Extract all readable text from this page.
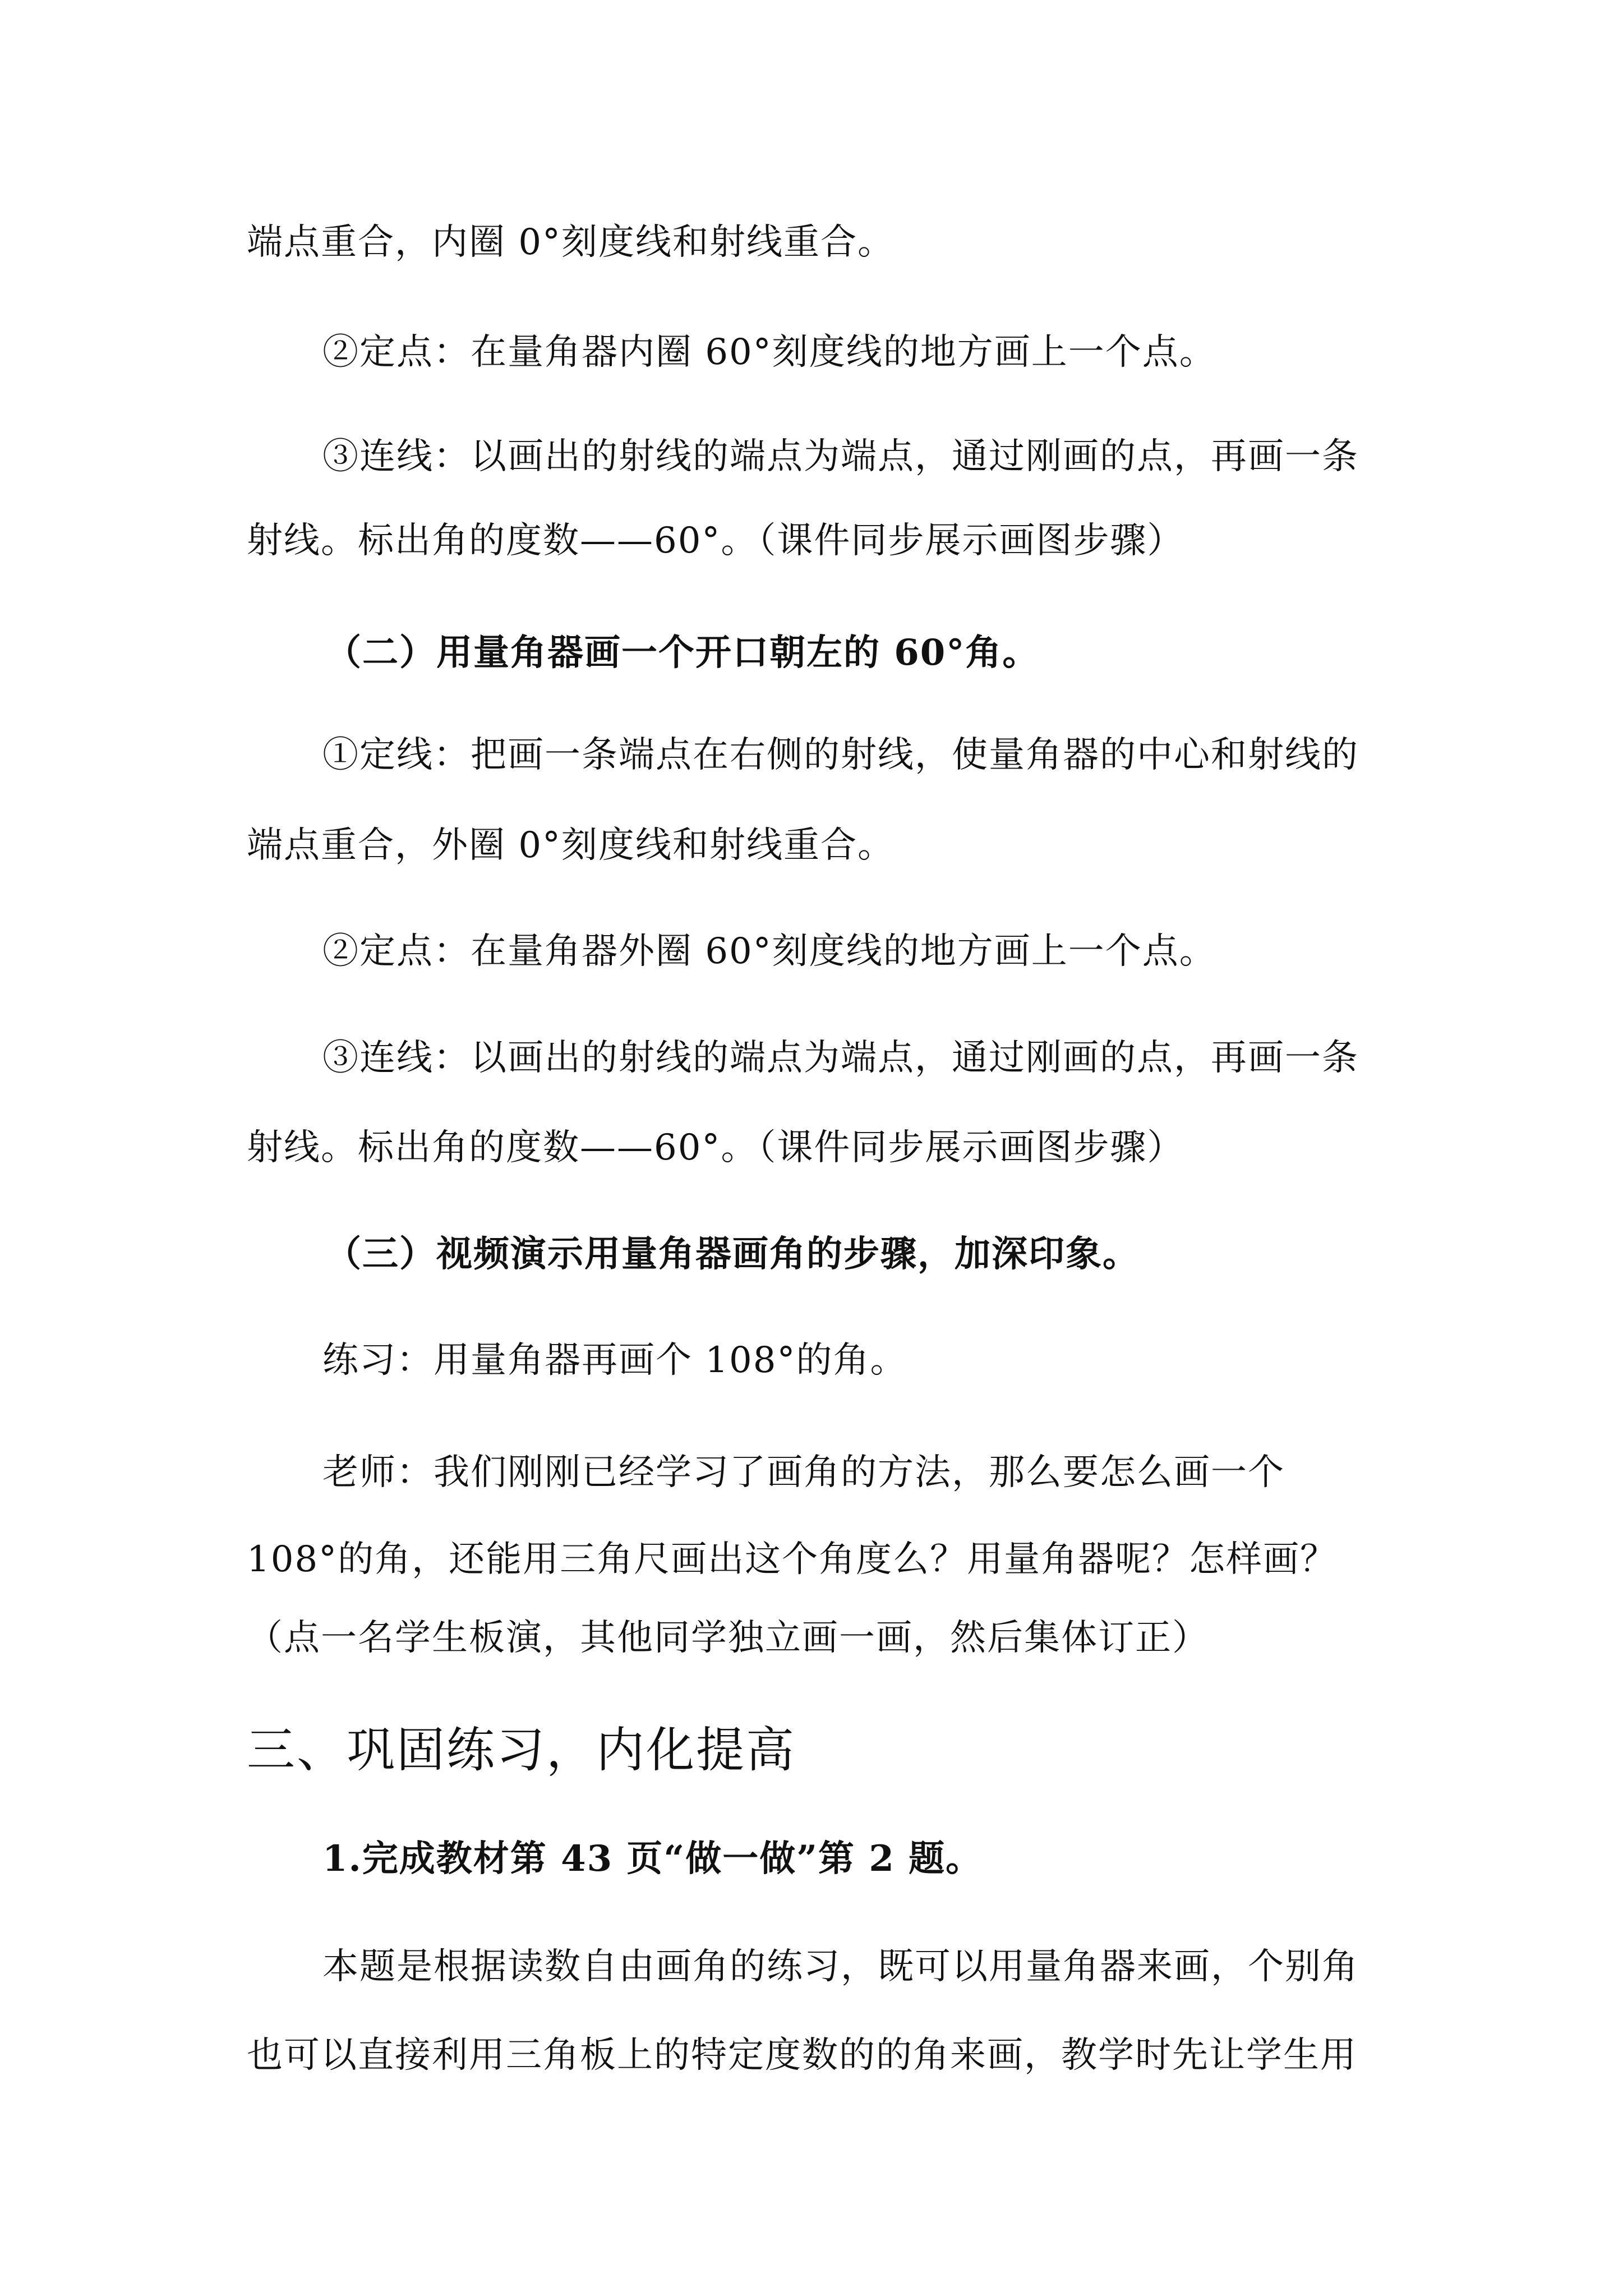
端点重合，内圈 0°刻度线和射线重合。
②定点：在量角器内圈 60°刻度线的地方画上一个点。
③连线：以画出的射线的端点为端点，通过刚画的点，再画一条
射线。标出角的度数——60°。（课件同步展示画图步骤）
（二）用量角器画一个开口朝左的 60°角。
①定线：把画一条端点在右侧的射线，使量角器的中心和射线的
端点重合，外圈 0°刻度线和射线重合。
②定点：在量角器外圈 60°刻度线的地方画上一个点。
③连线：以画出的射线的端点为端点，通过刚画的点，再画一条
射线。标出角的度数——60°。（课件同步展示画图步骤）
（三）视频演示用量角器画角的步骤，加深印象。
练习：用量角器再画个 108°的角。
老师：我们刚刚已经学习了画角的方法，那么要怎么画一个
108°的角，还能用三角尺画出这个角度么？用量角器呢？怎样画？
（点一名学生板演，其他同学独立画一画，然后集体订正）
三、巩固练习，内化提高
1.完成教材第 43 页“做一做”第 2 题。
本题是根据读数自由画角的练习，既可以用量角器来画，个别角
也可以直接利用三角板上的特定度数的的角来画，教学时先让学生用
